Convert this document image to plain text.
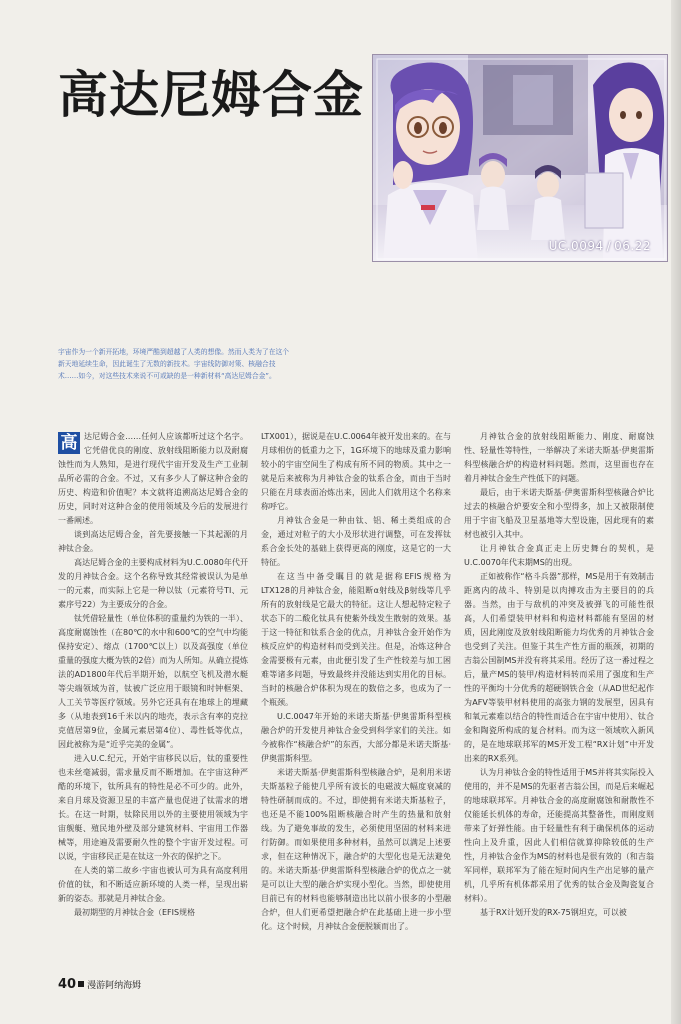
高达尼姆合金
UC.0094 / 06.22

宇宙作为一个新开拓地，环境严酷到超越了人类的想像。然而人类为了在这个新天地延续生命，因此诞生了无数的新技术。宇宙线防御对策、核融合技术……如今，对这些技术来说不可或缺的是一种新材料“高达尼姆合金”。

高 达尼姆合金……任何人应该都听过这个名字。它凭借优良的刚度、放射线阻断能力以及耐腐蚀性而为人熟知，是进行现代宇宙开发及生产工业制品所必需的合金。不过，又有多少人了解这种合金的历史、构造和价值呢？本文就将追溯高达尼姆合金的历史，同时对这种合金的使用领域及今后的发展进行一番阐述。

谈到高达尼姆合金，首先要接触一下其起源的月神钛合金。

高达尼姆合金的主要构成材料为U.C.0080年代开发的月神钛合金。这个名称导致其经常被误认为是单一的元素，而实际上它是一种以钛（元素符号TI、元素序号22）为主要成分的合金。

钛凭借轻量性（单位体积的重量约为铁的一半）、高度耐腐蚀性（在80℃的水中和600℃的空气中均能保持安定）、熔点（1700℃以上）以及高强度（单位重量的强度大概为铁的2倍）而为人所知。从确立提炼法的AD1800年代后半期开始，以航空飞机及潜水艇等尖端领域为首，钛被广泛应用于眼镜和时钟框架、人工关节等医疗领域。另外它还具有在地球上的埋藏多（从地表到16千米以内的地壳，表示含有率的克拉克值居第9位，金属元素居第4位）、毒性低等优点，因此被称为是“近乎完美的金属”。

进入U.C.纪元，开始宇宙移民以后，钛的重要性也未丝毫减弱，需求量反而不断增加。在宇宙这种严酷的环境下，钛所具有的特性是必不可少的。此外，来自月球及资源卫星的丰富产量也促进了钛需求的增长。在这一时期，钛除民用以外的主要使用领域为宇宙舰艇、殖民地外壁及部分建筑材料、宇宙用工作器械等，用途遍及需要耐久性的整个宇宙开发过程。可以说，宇宙移民正是在钛这一外衣的保护之下。

在人类的第二故乡·宇宙也被认可为具有高度利用价值的钛，和不断适应新环境的人类一样，呈现出崭新的姿态。那就是月神钛合金。

最初期型的月神钛合金（EFIS规格

LTX001），据说是在U.C.0064年被开发出来的。在与月球相仿的低重力之下，1G环境下的地球及重力影响较小的宇宙空间生了构成有所不同的物质。其中之一就是后来被称为月神钛合金的钛系合金，而由于当时只能在月球表面冶炼出来，因此人们就用这个名称来称呼它。

月神钛合金是一种由钛、铝、稀土类组成的合金，通过对粒子的大小及形状进行调整，可在发挥钛系合金长处的基础上获得更高的刚度，这是它的一大特征。

在这当中备受瞩目的就是据称EFIS规格为LTX128的月神钛合金，能阻断α射线及β射线等几乎所有的放射线是它最大的特征。这让人想起特定粒子状态下的二酸化钛具有使紫外线发生散射的效果。基于这一特征和钛系合金的优点，月神钛合金开始作为核反应炉的构造材料而受到关注。但是，冶炼这种合金需要极有元素，由此便引发了生产性较差与加工困难等诸多问题，导致最终并没能达到实用化的目标。当时的核融合炉体积为现在的数倍之多，也成为了一个瓶颈。

U.C.0047年开始的米诺夫斯基·伊奥雷斯科型核融合炉的开发使月神钛合金受到科学家们的关注。如今被称作“核融合炉”的东西，大部分都是米诺夫斯基·伊奥雷斯科型。

米诺夫斯基·伊奥雷斯科型核融合炉，是利用米诺夫斯基粒子能使几乎所有波长的电磁波大幅度衰减的特性研制而成的。不过，即使拥有米诺夫斯基粒子，也还是不能100%阻断核融合时产生的热量和放射线。为了避免事故的发生，必须使用坚固的材料来进行防御。而如果使用多种材料，虽然可以满足上述要求，但在这种情况下，融合炉的大型化也是无法避免的。米诺夫斯基·伊奥雷斯科型核融合炉的优点之一就是可以让大型的融合炉实现小型化。当然，即使使用目前已有的材料也能够制造出比以前小很多的小型融合炉，但人们更希望把融合炉在此基础上进一步小型化。这个时候，月神钛合金便脱颖而出了。

月神钛合金的放射线阻断能力、刚度、耐腐蚀性、轻量性等特性，一举解决了米诺夫斯基·伊奥雷斯科型核融合炉的构造材料问题。然而，这里面也存在着月神钛合金生产性低下的问题。

最后，由于米诺夫斯基·伊奥雷斯科型核融合炉比过去的核融合炉要安全和小型得多，加上又被限制使用于宇宙飞船及卫星基地等大型设施，因此现有的素材也被引入其中。

让月神钛合金真正走上历史舞台的契机，是U.C.0070年代末期MS的出现。

正如被称作“格斗兵器”那样，MS是用于有效制击距离内的战斗、特别是以肉搏攻击为主要目的的兵器。当然，由于与敌机的冲突及被弹飞的可能性很高，人们希望装甲材料和构造材料都能有坚固的材质，因此刚度及放射线阻断能力均优秀的月神钛合金也受到了关注。但鉴于其生产性方面的瓶颈，初期的吉翁公国制MS并没有将其采用。经历了这一番过程之后，量产MS的装甲/构造材料转而采用了强度和生产性的平衡均十分优秀的超硬钢铁合金（从AD世纪起作为AFV等装甲材料使用的高张力钢的发展型，因具有和氧元素难以结合的特性而适合在宇宙中使用）、钛合金和陶瓷所构成的复合材料。而为这一领域吹入新风的，是在地球联邦军的MS开发工程“RX计划”中开发出来的RX系列。

认为月神钛合金的特性适用于MS并将其实际投入使用的，并不是MS的先驱者吉翁公国，而是后来崛起的地球联邦军。月神钛合金的高度耐腐蚀和耐散性不仅能延长机体的寿命，还能提高其整备性，而刚度则带来了好弹性能。由于轻量性有利于确保机体的运动性向上及升重，因此人们相信就算抑除较低的生产性，月神钛合金作为MS的材料也是很有效的（和吉翁军同样，联邦军为了能在短时间内生产出足够的量产机，几乎所有机体都采用了优秀的钛合金及陶瓷复合材料）。

基于RX计划开发的RX-75钢坦克，可以被

40 漫游阿纳海姆
